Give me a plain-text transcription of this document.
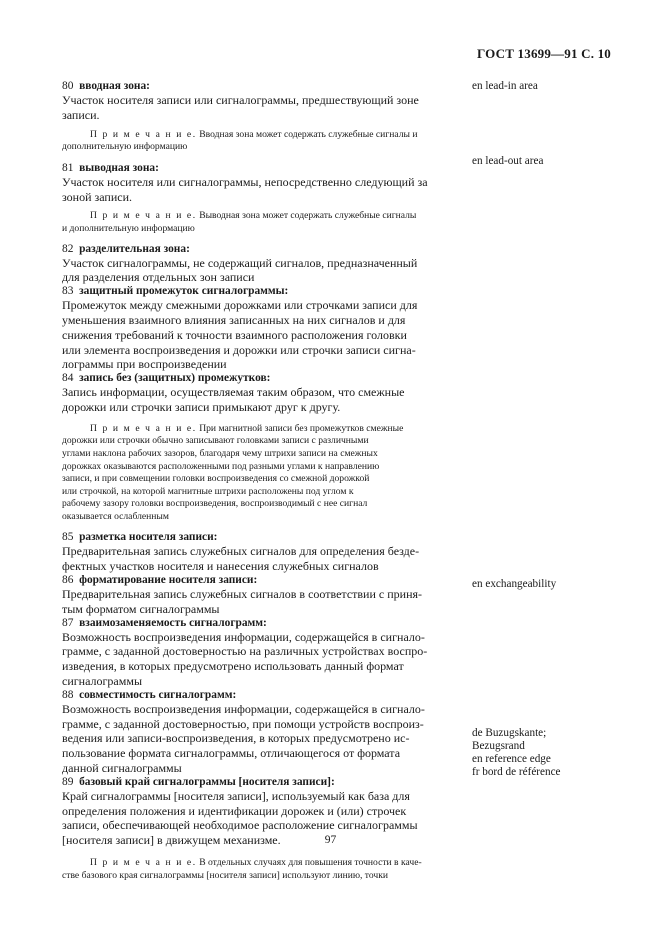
ГОСТ 13699—91 С. 10
80 вводная зона:
Участок носителя записи или сигналограммы, предшествующий зоне
записи.
П р и м е ч а н и е. Вводная зона может содержать служебные сигналы и
дополнительную информацию
81 выводная зона:
Участок носителя или сигналограммы, непосредственно следующий за
зоной записи.
П р и м е ч а н и е. Выводная зона может содержать служебные сигналы
и дополнительную информацию
82 разделительная зона:
Участок сигналограммы, не содержащий сигналов, предназначенный
для разделения отдельных зон записи
83 защитный промежуток сигналограммы:
Промежуток между смежными дорожками или строчками записи для
уменьшения взаимного влияния записанных на них сигналов и для
снижения требований к точности взаимного расположения головки
или элемента воспроизведения и дорожки или строчки записи сигна-
лограммы при воспроизведении
84 запись без (защитных) промежутков:
Запись информации, осуществляемая таким образом, что смежные
дорожки или строчки записи примыкают друг к другу.
П р и м е ч а н и е. При магнитной записи без промежутков смежные
дорожки или строчки обычно записывают головками записи с различными
углами наклона рабочих зазоров, благодаря чему штрихи записи на смежных
дорожках оказываются расположенными под разными углами к направлению
записи, и при совмещении головки воспроизведения со смежной дорожкой
или строчкой, на которой магнитные штрихи расположены под углом к
рабочему зазору головки воспроизведения, воспроизводимый с нее сигнал
оказывается ослабленным
85 разметка носителя записи:
Предварительная запись служебных сигналов для определения безде-
фектных участков носителя и нанесения служебных сигналов
86 форматирование носителя записи:
Предварительная запись служебных сигналов в соответствии с приня-
тым форматом сигналограммы
87 взаимозаменяемость сигналограмм:
Возможность воспроизведения информации, содержащейся в сигнало-
грамме, с заданной достоверностью на различных устройствах воспро-
изведения, в которых предусмотрено использовать данный формат
сигналограммы
88 совместимость сигналограмм:
Возможность воспроизведения информации, содержащейся в сигнало-
грамме, с заданной достоверностью, при помощи устройств воспроиз-
ведения или записи-воспроизведения, в которых предусмотрено ис-
пользование формата сигналограммы, отличающегося от формата
данной сигналограммы
89 базовый край сигналограммы [носителя записи]:
Край сигналограммы [носителя записи], используемый как база для
определения положения и идентификации дорожек и (или) строчек
записи, обеспечивающей необходимое расположение сигналограммы
[носителя записи] в движущем механизме.
П р и м е ч а н и е. В отдельных случаях для повышения точности в каче-
стве базового края сигналограммы [носителя записи] используют линию, точки
en lead-in area
en lead-out area
en exchangeability
de Buzugskante;
Bezugsrand
en reference edge
fr bord de référence
97
